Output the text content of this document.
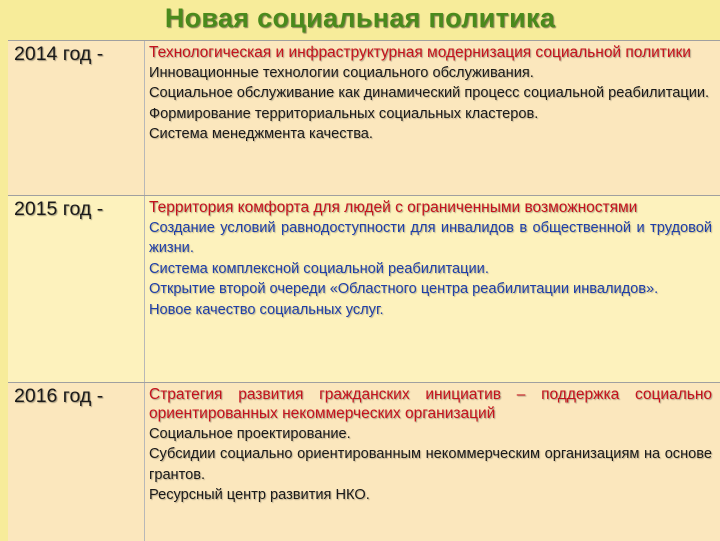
Новая социальная политика
2014 год -	Технологическая и инфраструктурная модернизация социальной политики
Инновационные технологии социального обслуживания.
Социальное обслуживание как динамический процесс социальной реабилитации.
Формирование территориальных социальных кластеров.
Система менеджмента качества.
2015 год -	Территория комфорта для людей с ограниченными возможностями
Создание условий равнодоступности для инвалидов в общественной и трудовой жизни.
Система комплексной социальной реабилитации.
Открытие второй очереди «Областного центра реабилитации инвалидов».
Новое качество социальных услуг.
2016 год -	Стратегия развития гражданских инициатив – поддержка социально ориентированных некоммерческих организаций
Социальное проектирование.
Субсидии социально ориентированным некоммерческим организациям на основе грантов.
Ресурсный центр развития НКО.
